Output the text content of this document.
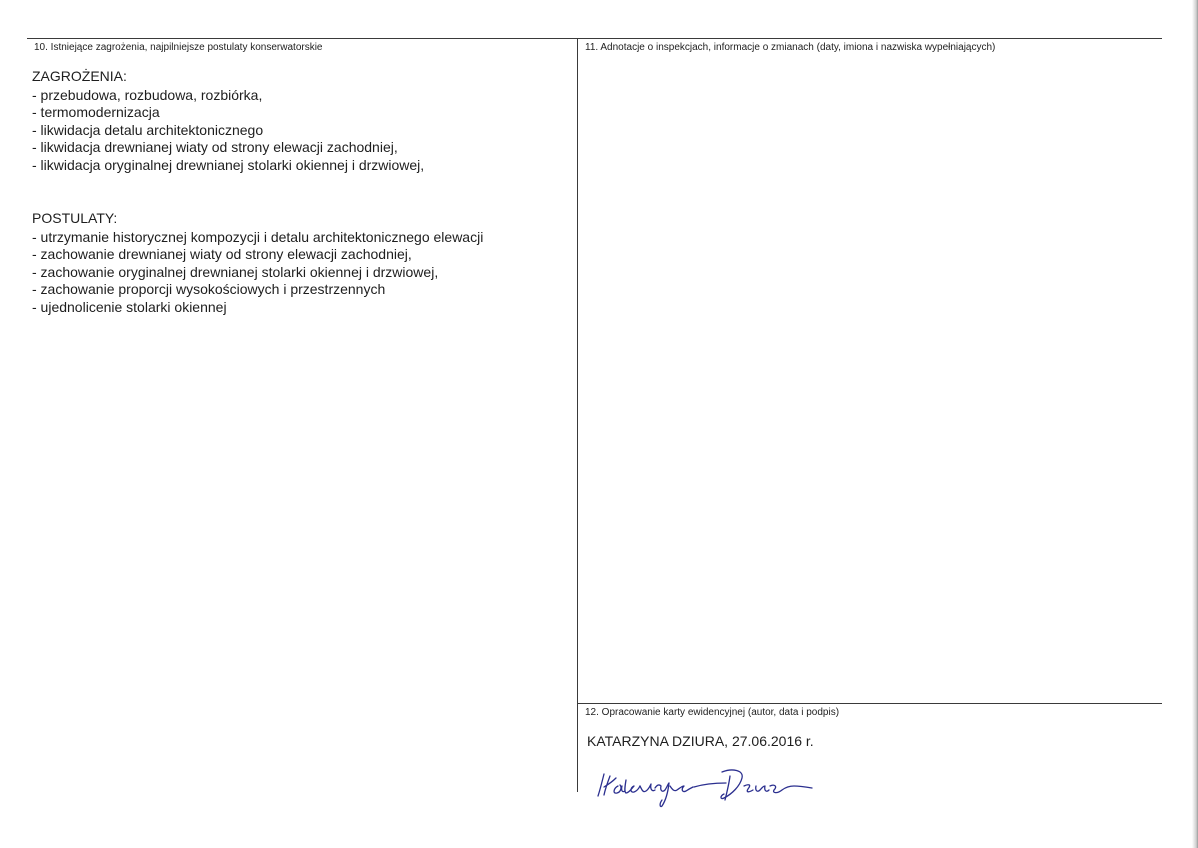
10. Istniejące zagrożenia, najpilniejsze postulaty konserwatorskie
ZAGROŻENIA:
- przebudowa, rozbudowa, rozbiórka,
- termomodernizacja
- likwidacja detalu architektonicznego
- likwidacja drewnianej wiaty od strony elewacji zachodniej,
- likwidacja oryginalnej drewnianej stolarki okiennej i drzwiowej,
POSTULATY:
- utrzymanie historycznej kompozycji i detalu architektonicznego elewacji
- zachowanie drewnianej wiaty od strony elewacji zachodniej,
- zachowanie oryginalnej drewnianej stolarki okiennej i drzwiowej,
- zachowanie proporcji wysokościowych i przestrzennych
- ujednolicenie stolarki okiennej
11. Adnotacje o inspekcjach, informacje o zmianach (daty, imiona i nazwiska wypełniających)
12. Opracowanie karty ewidencyjnej (autor, data i podpis)
KATARZYNA DZIURA, 27.06.2016 r.
